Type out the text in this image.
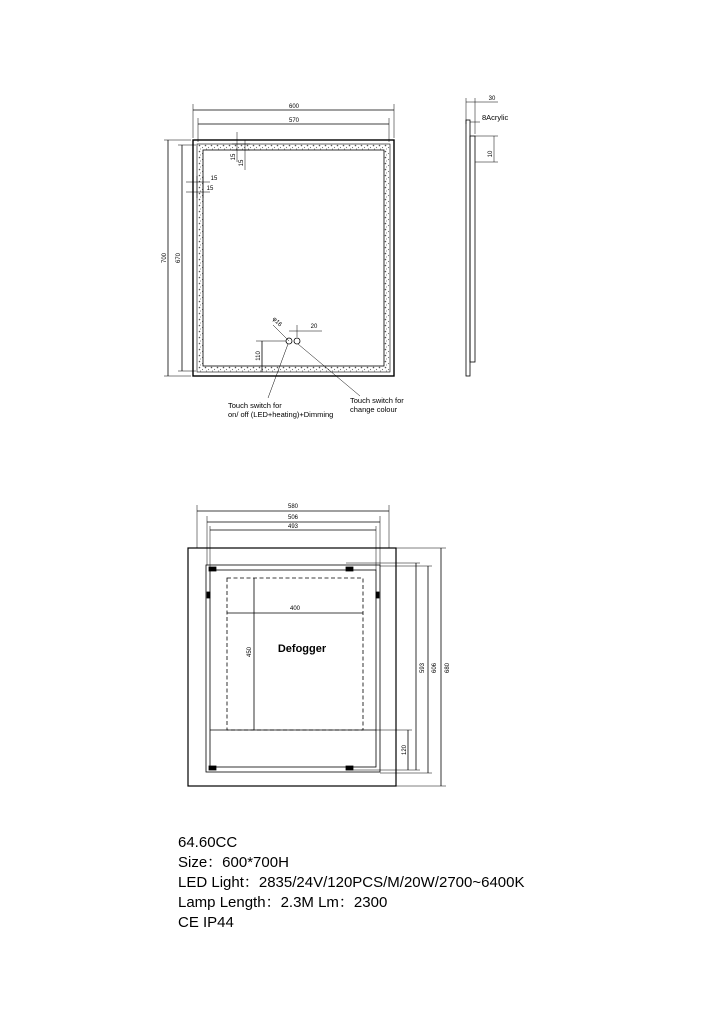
600
570
700 670
15
15
15
15
φ16	20
110
Touch switch for
on/ off (LED+heating)+Dimming
Touch switch for
change colour
30
8Acrylic
10
580
506
493
400
450 Defogger
120
593 606 680
64.60CC
Size：600*700H
LED Light：2835/24V/120PCS/M/20W/2700~6400K
Lamp Length：2.3M Lm：2300
CE IP44
